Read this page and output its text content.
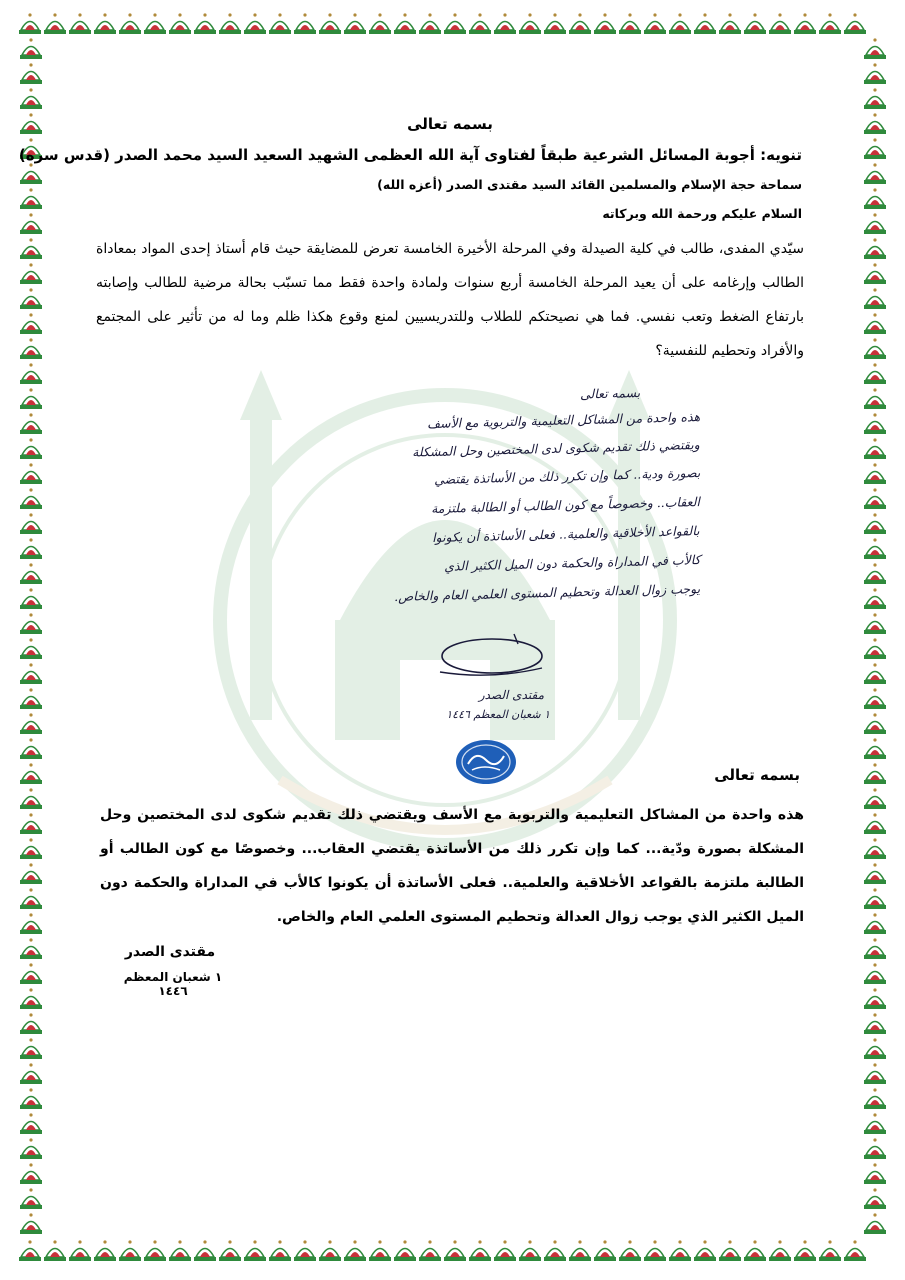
بسمه تعالى
تنويه: أجوبة المسائل الشرعية طبقاً لفتاوى آية الله العظمى الشهيد السعيد السيد محمد الصدر (قدس سره)
سماحة حجة الإسلام والمسلمين القائد السيد مقتدى الصدر (أعزه الله)
السلام عليكم ورحمة الله وبركاته
سيّدي المفدى، طالب في كلية الصيدلة وفي المرحلة الأخيرة الخامسة تعرض للمضايقة حيث قام أستاذ إحدى المواد بمعاداة الطالب وإرغامه على أن يعيد المرحلة الخامسة أربع سنوات ولمادة واحدة فقط مما تسبّب بحالة مرضية للطالب وإصابته بارتفاع الضغط وتعب نفسي. فما هي نصيحتكم للطلاب وللتدريسيين لمنع وقوع هكذا ظلم وما له من تأثير على المجتمع والأفراد وتحطيم للنفسية؟
بسمه تعالى
هذه واحدة من المشاكل التعليمية والتربوية مع الأسف
ويقتضي ذلك تقديم شكوى لدى المختصين وحل المشكلة
بصورة ودية.. كما وإن تكرر ذلك من الأساتذة يقتضي
العقاب.. وخصوصاً مع كون الطالب أو الطالبة ملتزمة
بالقواعد الأخلاقية والعلمية.. فعلى الأساتذة أن يكونوا
كالأب في المداراة والحكمة دون الميل الكثير الذي
يوجب زوال العدالة وتحطيم المستوى العلمي العام والخاص.
مقتدى الصدر
١ شعبان المعظم ١٤٤٦
بسمه تعالى
هذه واحدة من المشاكل التعليمية والتربوية مع الأسف ويقتضي ذلك تقديم شكوى لدى المختصين وحل المشكلة بصورة ودّية... كما وإن تكرر ذلك من الأساتذة يقتضي العقاب... وخصوصًا مع كون الطالب أو الطالبة ملتزمة بالقواعد الأخلاقية والعلمية.. فعلى الأساتذة أن يكونوا كالأب في المداراة والحكمة دون الميل الكثير الذي يوجب زوال العدالة وتحطيم المستوى العلمي العام والخاص.
مقتدى الصدر
١ شعبان المعظم ١٤٤٦
